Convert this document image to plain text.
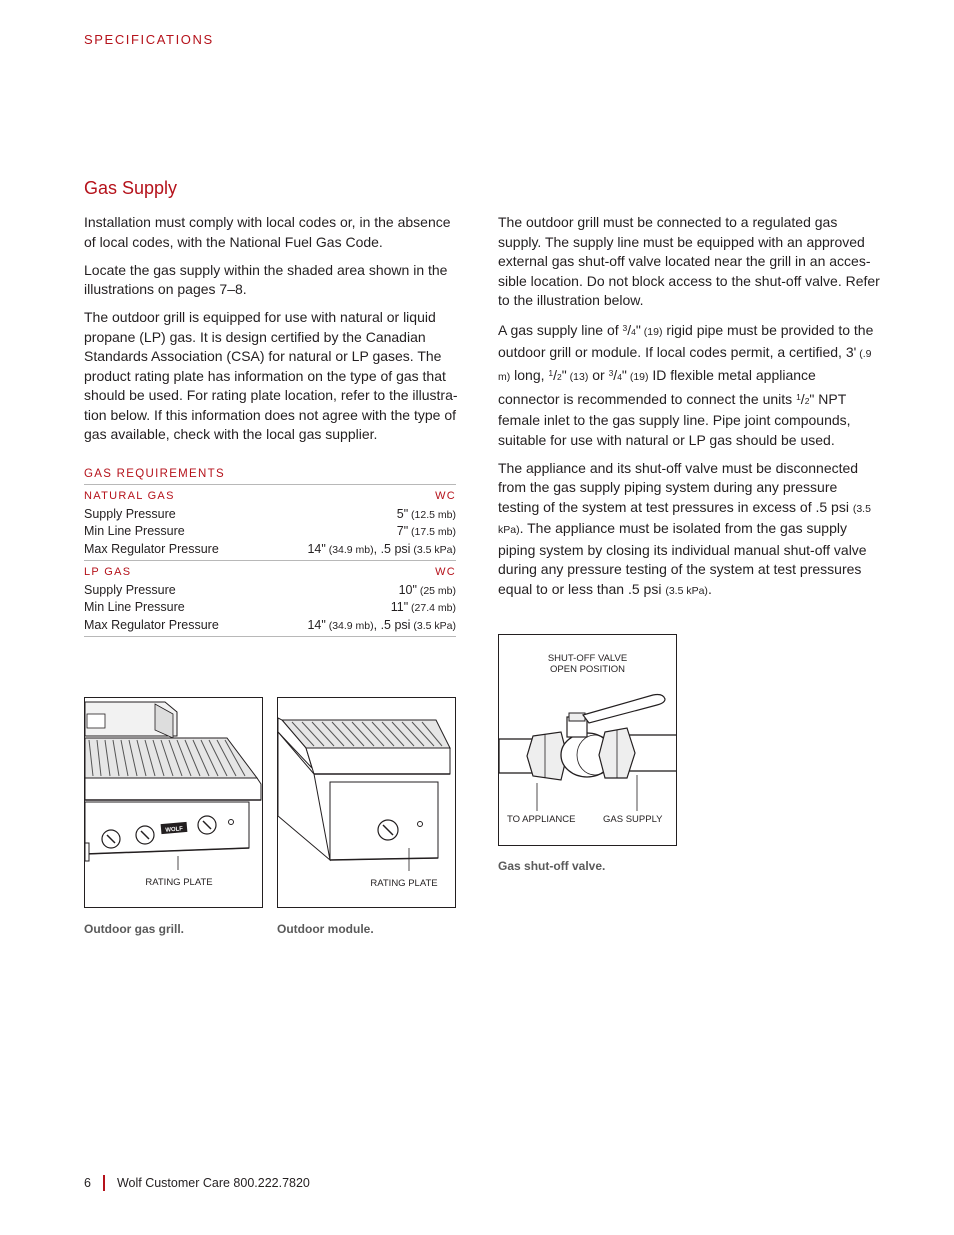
SPECIFICATIONS
Gas Supply

Installation must comply with local codes or, in the absence of local codes, with the National Fuel Gas Code.

Locate the gas supply within the shaded area shown in the illustrations on pages 7–8.

The outdoor grill is equipped for use with natural or liquid propane (LP) gas. It is design certified by the Canadian Standards Association (CSA) for natural or LP gases. The product rating plate has information on the type of gas that should be used. For rating plate location, refer to the illustra-tion below. If this information does not agree with the type of gas available, check with the local gas supplier.

The outdoor grill must be connected to a regulated gas supply. The supply line must be equipped with an approved external gas shut-off valve located near the grill in an acces-sible location. Do not block access to the shut-off valve. Refer to the illustration below.

A gas supply line of $^3$/4" (19) rigid pipe must be provided to the outdoor grill or module. If local codes permit, a certified, 3' (.9 m) long, $^1$/2" (13) or $^3$/4" (19) ID flexible metal appliance connector is recommended to connect the units $^1$/2" NPT female inlet to the gas supply line. Pipe joint compounds, suitable for use with natural or LP gas should be used.

The appliance and its shut-off valve must be disconnected from the gas supply piping system during any pressure testing of the system at test pressures in excess of .5 psi (3.5 kPa). The appliance must be isolated from the gas supply piping system by closing its individual manual shut-off valve during any pressure testing of the system at test pressures equal to or less than .5 psi (3.5 kPa).

GAS REQUIREMENTS
NATURAL GAS	WC
Supply Pressure	5" (12.5 mb)
Min Line Pressure	7" (17.5 mb)
Max Regulator Pressure	14" (34.9 mb), .5 psi (3.5 kPa)
LP GAS	WC
Supply Pressure	10" (25 mb)
Min Line Pressure	11" (27.4 mb)
Max Regulator Pressure	14" (34.9 mb), .5 psi (3.5 kPa)
WOLF
RATING PLATE
Outdoor gas grill.
RATING PLATE
Outdoor module.
SHUT-OFF VALVE
OPEN POSITION
TO APPLIANCE	GAS SUPPLY
Gas shut-off valve.
6 Wolf Customer Care 800.222.7820
